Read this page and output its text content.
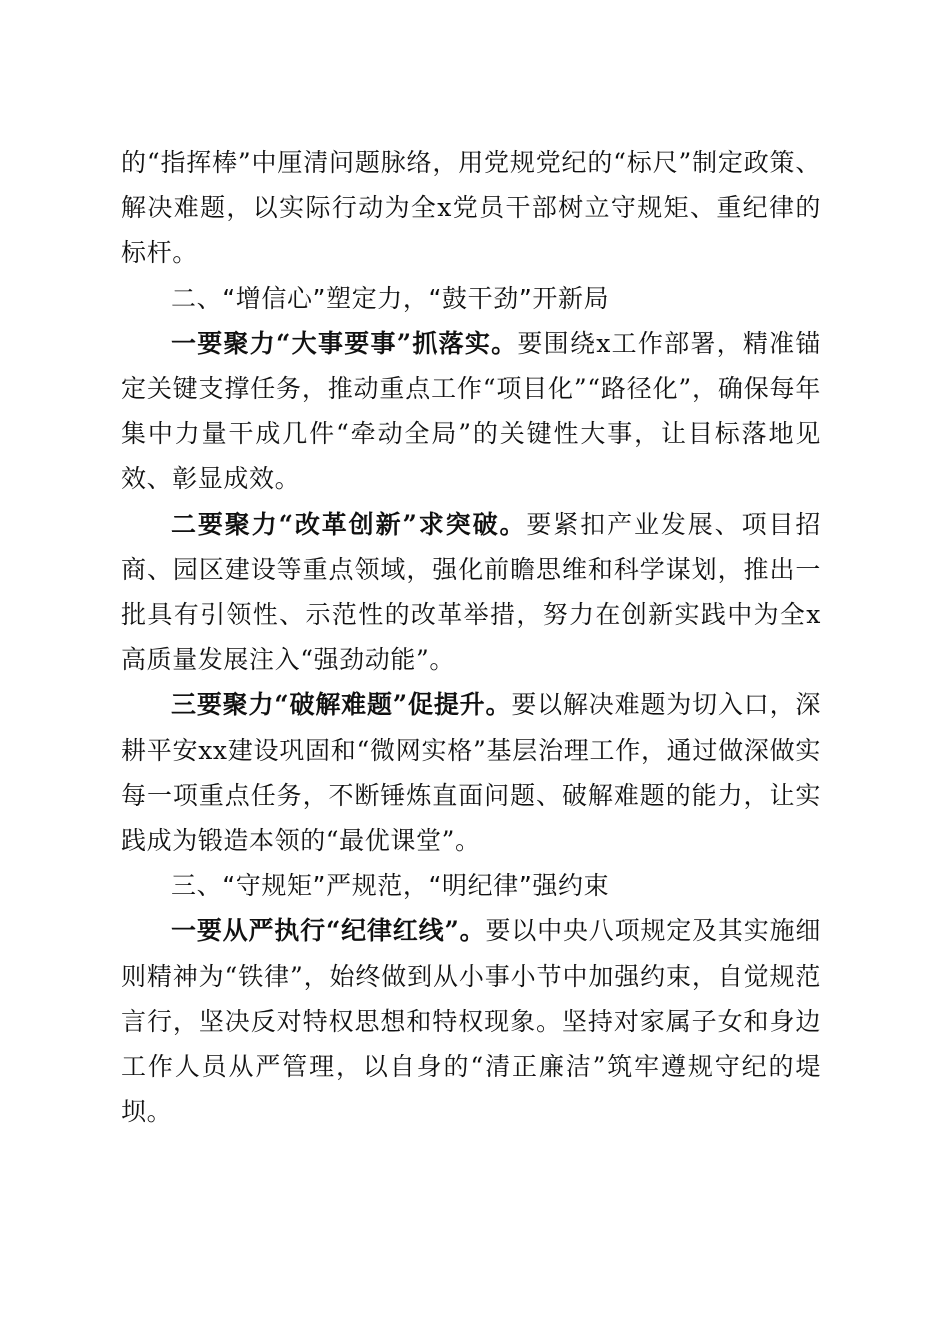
的“指挥棒”中厘清问题脉络，用党规党纪的“标尺”制定政策、解决难题，以实际行动为全x党员干部树立守规矩、重纪律的标杆。

二、“增信心”塑定力，“鼓干劲”开新局

一要聚力“大事要事”抓落实。要围绕x工作部署，精准锚定关键支撑任务，推动重点工作“项目化”“路径化”，确保每年集中力量干成几件“牵动全局”的关键性大事，让目标落地见效、彰显成效。

二要聚力“改革创新”求突破。要紧扣产业发展、项目招商、园区建设等重点领域，强化前瞻思维和科学谋划，推出一批具有引领性、示范性的改革举措，努力在创新实践中为全x高质量发展注入“强劲动能”。

三要聚力“破解难题”促提升。要以解决难题为切入口，深耕平安xx建设巩固和“微网实格”基层治理工作，通过做深做实每一项重点任务，不断锤炼直面问题、破解难题的能力，让实践成为锻造本领的“最优课堂”。

三、“守规矩”严规范，“明纪律”强约束

一要从严执行“纪律红线”。要以中央八项规定及其实施细则精神为“铁律”，始终做到从小事小节中加强约束，自觉规范言行，坚决反对特权思想和特权现象。坚持对家属子女和身边工作人员从严管理，以自身的“清正廉洁”筑牢遵规守纪的堤坝。
